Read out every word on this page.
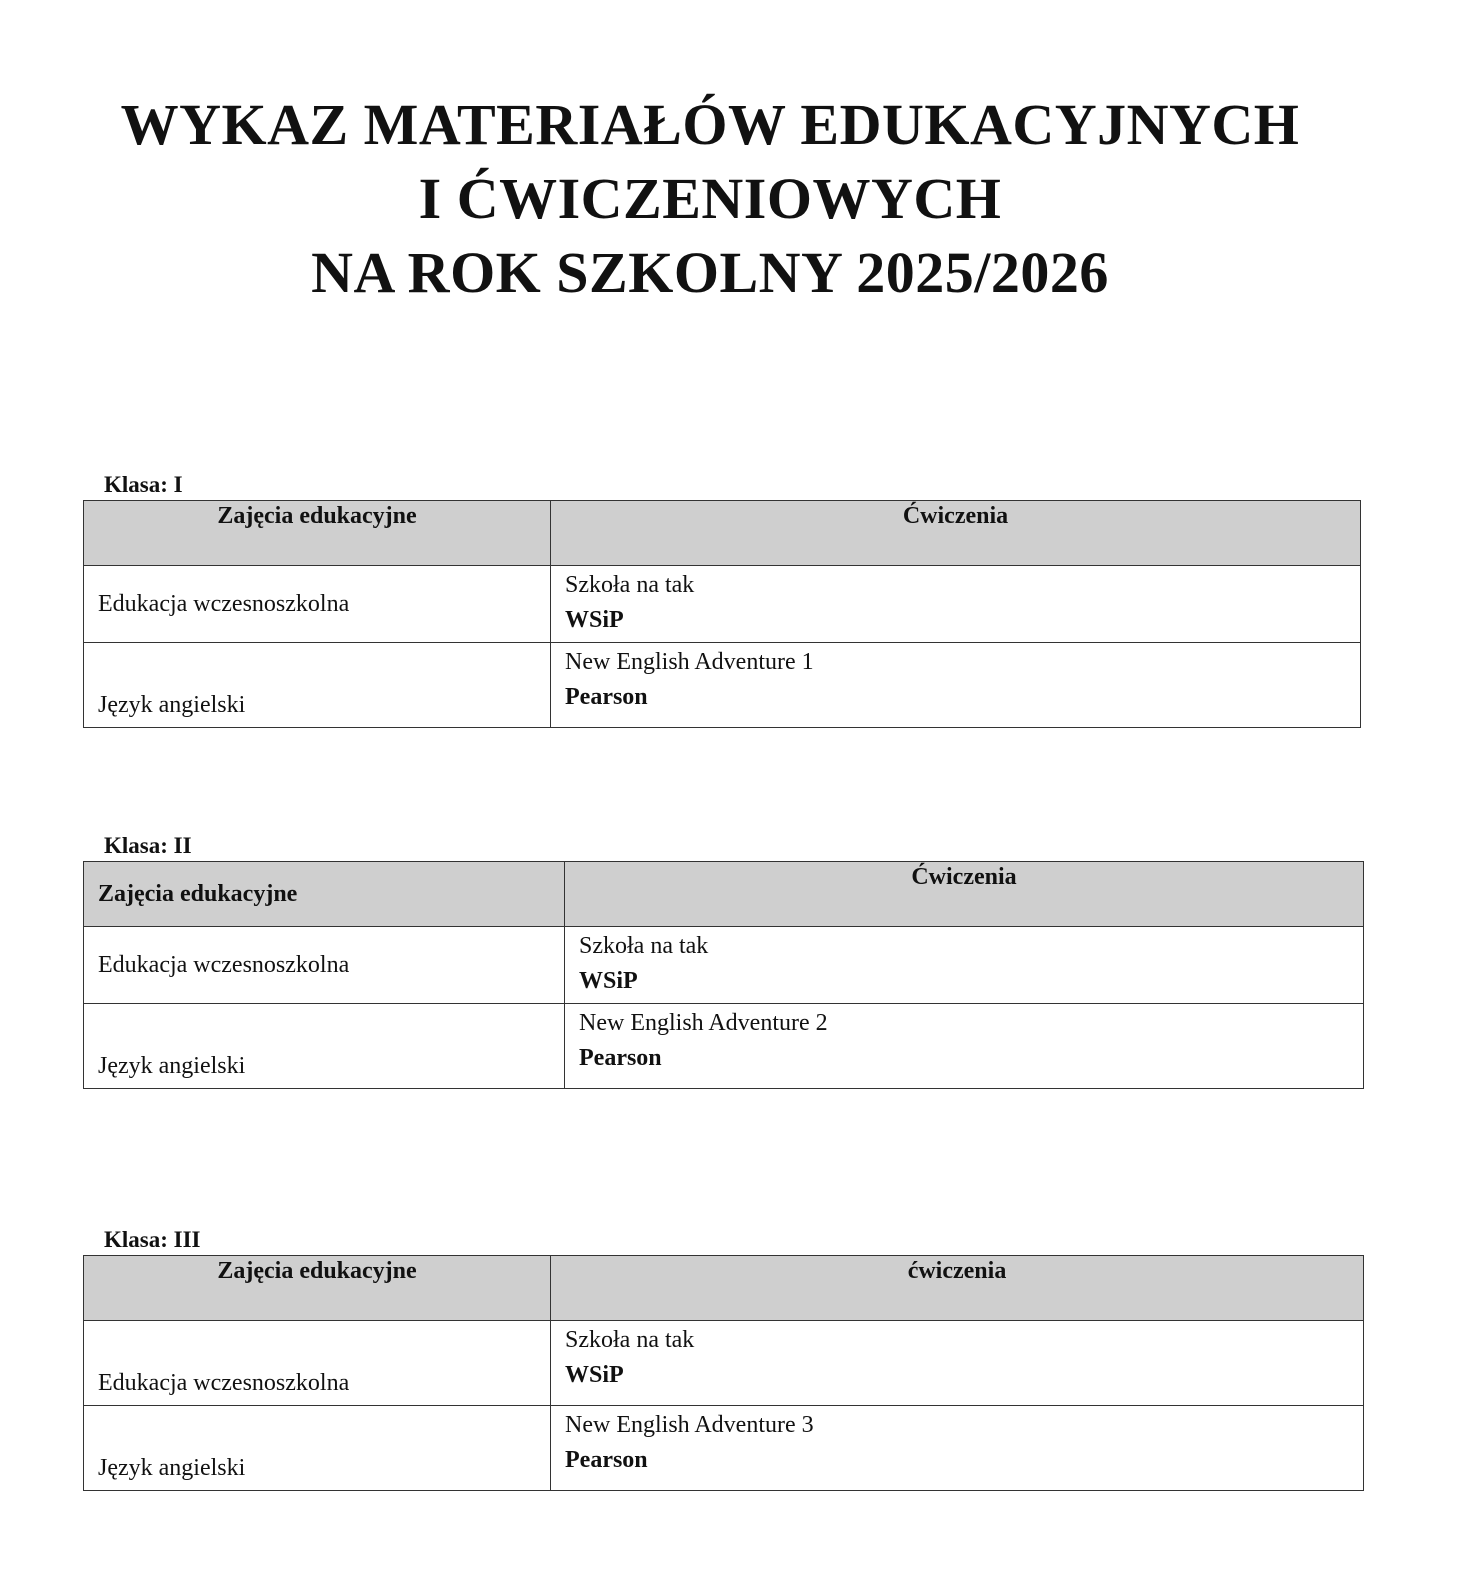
WYKAZ MATERIAŁÓW EDUKACYJNYCH
I ĆWICZENIOWYCH
NA ROK SZKOLNY 2025/2026
Klasa: I
Zajęcia edukacyjne	Ćwiczenia
Edukacja wczesnoszkolna	Szkoła na tak
WSiP

Język angielski	New English Adventure 1
Pearson
Klasa: II
Zajęcia edukacyjne	Ćwiczenia
Edukacja wczesnoszkolna	Szkoła na tak
WSiP

Język angielski	New English Adventure 2
Pearson
Klasa: III
Zajęcia edukacyjne	ćwiczenia
Edukacja wczesnoszkolna	Szkoła na tak
WSiP

Język angielski	New English Adventure 3
Pearson
